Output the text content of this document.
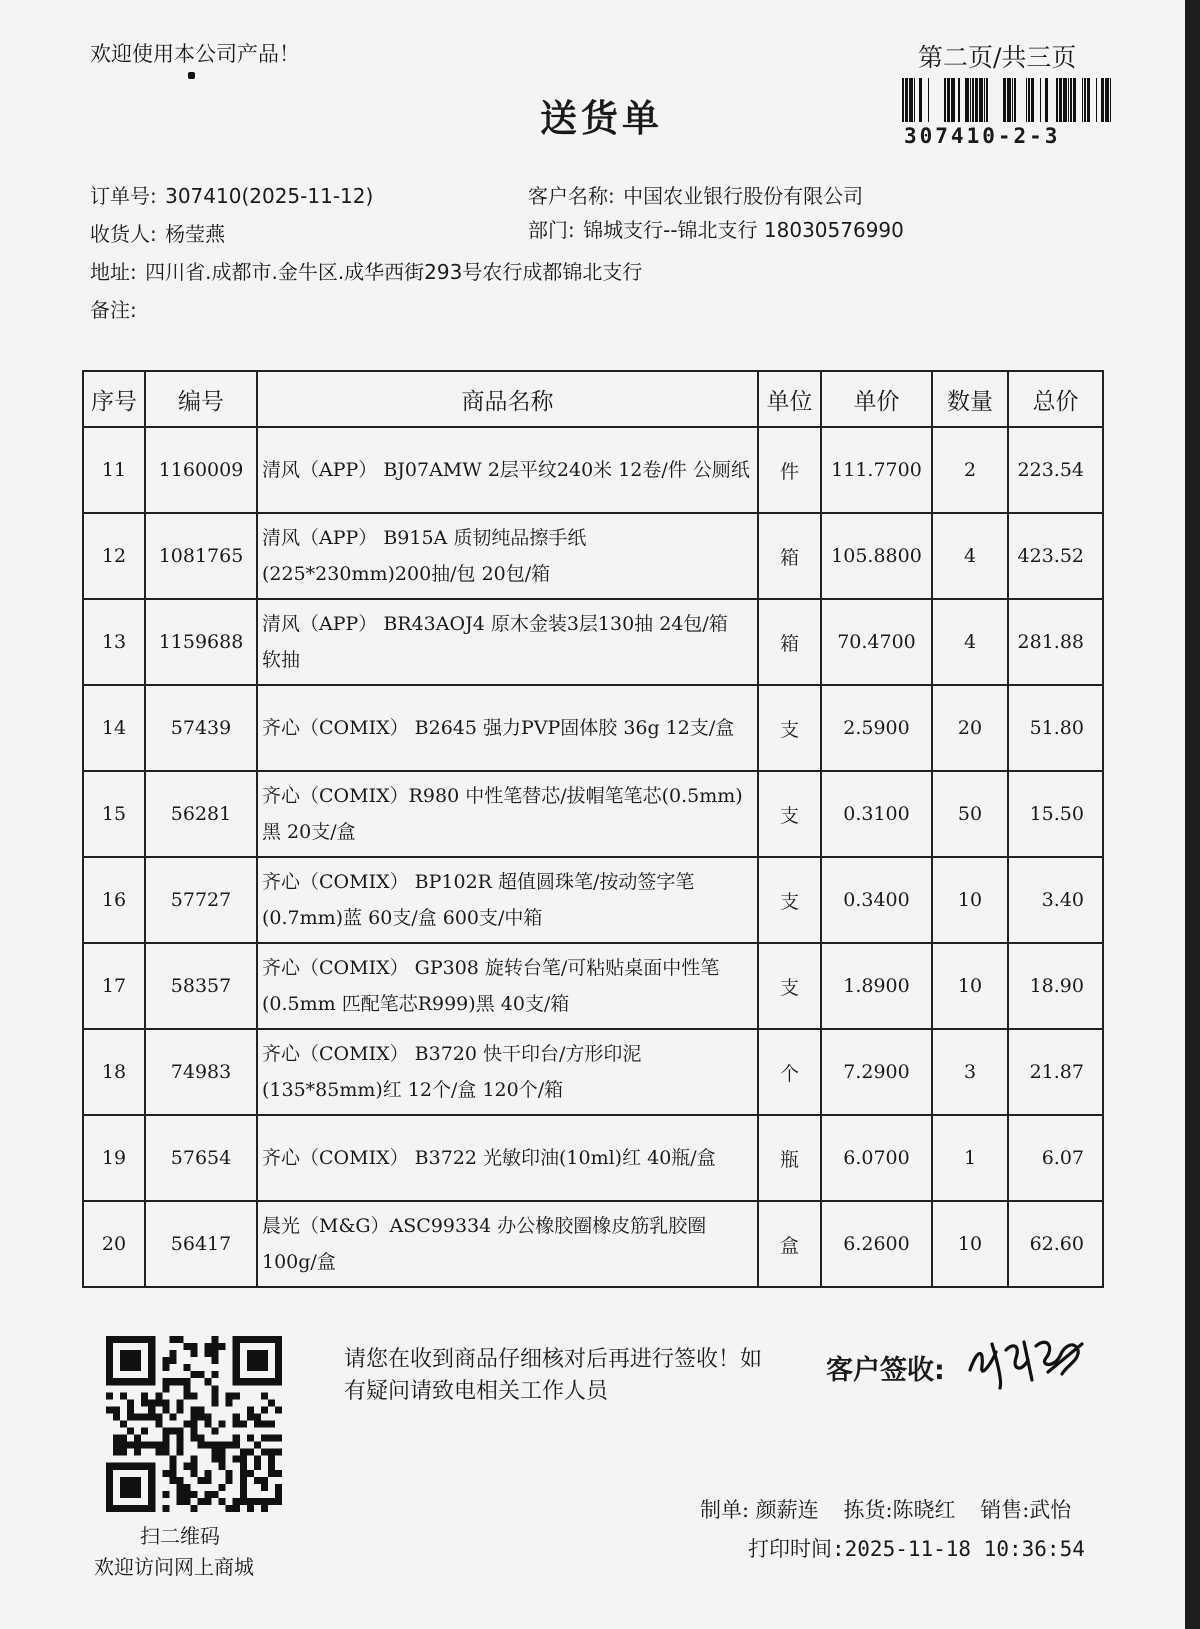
欢迎使用本公司产品！	第二页/共三页
送货单	307410-2-3
订单号: 307410(2025-11-12)	客户名称: 中国农业银行股份有限公司
收货人: 杨莹燕	部门: 锦城支行--锦北支行 18030576990
地址: 四川省.成都市.金牛区.成华西街293号农行成都锦北支行
备注:
序号	编号	商品名称	单位	单价	数量	总价
11	1160009	清风（APP） BJ07AMW 2层平纹240米 12卷/件 公厕纸	件	111.7700	2	223.54
12	1081765	清风（APP） B915A 质韧纯品擦手纸(225*230mm)200抽/包 20包/箱	箱	105.8800	4	423.52
13	1159688	清风（APP） BR43AOJ4 原木金装3层130抽 24包/箱 软抽	箱	70.4700	4	281.88
14	57439	齐心（COMIX） B2645 强力PVP固体胶 36g 12支/盒	支	2.5900	20	51.80
15	56281	齐心（COMIX）R980 中性笔替芯/拔帽笔笔芯(0.5mm)黑 20支/盒	支	0.3100	50	15.50
16	57727	齐心（COMIX） BP102R 超值圆珠笔/按动签字笔(0.7mm)蓝 60支/盒 600支/中箱	支	0.3400	10	3.40
17	58357	齐心（COMIX） GP308 旋转台笔/可粘贴桌面中性笔(0.5mm 匹配笔芯R999)黑 40支/箱	支	1.8900	10	18.90
18	74983	齐心（COMIX） B3720 快干印台/方形印泥(135*85mm)红 12个/盒 120个/箱	个	7.2900	3	21.87
19	57654	齐心（COMIX） B3722 光敏印油(10ml)红 40瓶/盒	瓶	6.0700	1	6.07
20	56417	晨光（M&G）ASC99334 办公橡胶圈橡皮筋乳胶圈100g/盒	盒	6.2600	10	62.60
扫二维码
欢迎访问网上商城
请您在收到商品仔细核对后再进行签收！如有疑问请致电相关工作人员
客户签收:
制单: 颜薪连 拣货:陈晓红 销售:武怡
打印时间:2025-11-18 10:36:54
